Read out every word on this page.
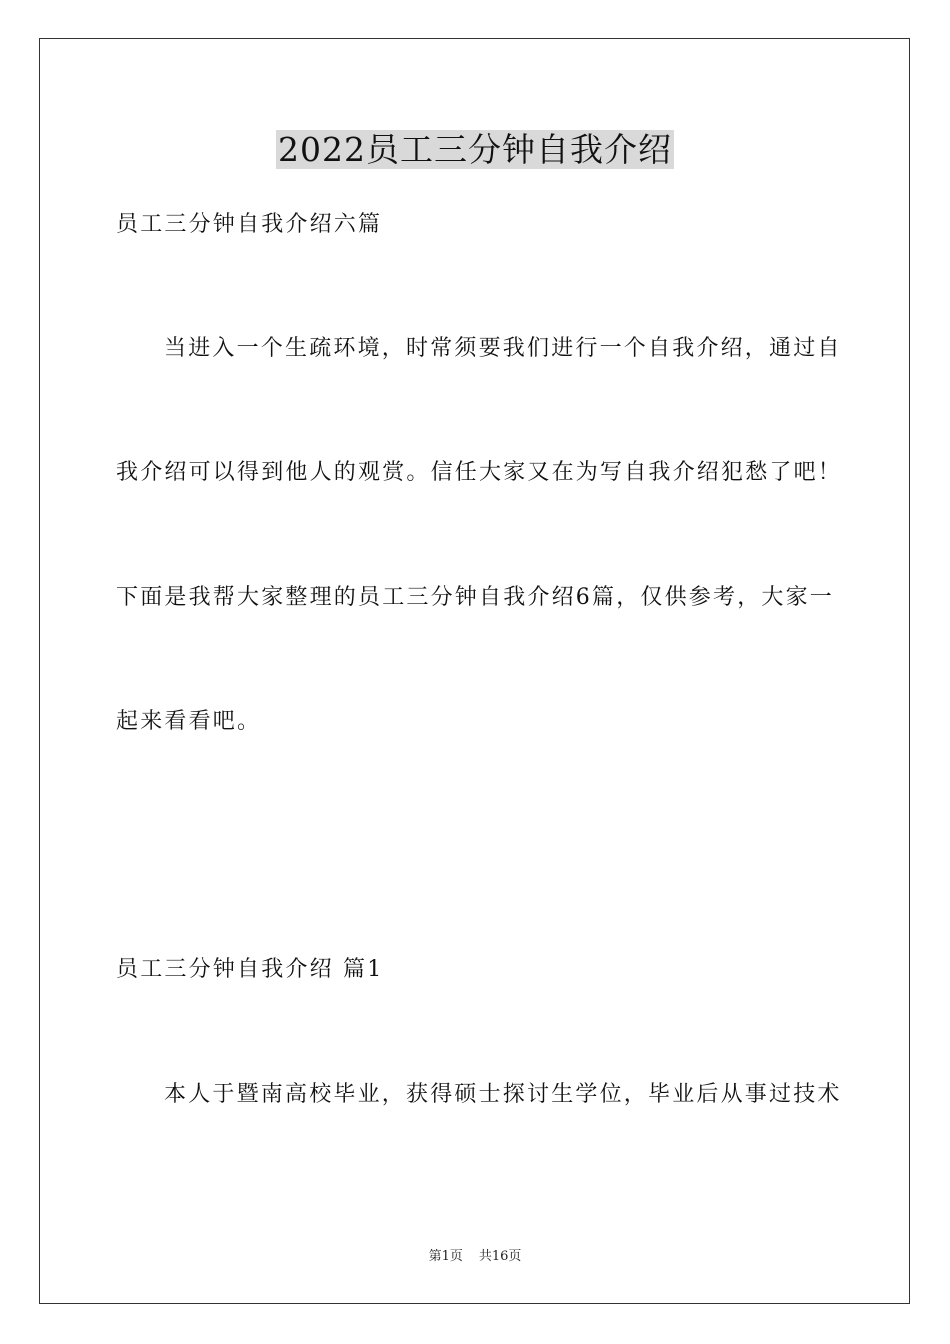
2022员工三分钟自我介绍
员工三分钟自我介绍六篇
当进入一个生疏环境，时常须要我们进行一个自我介绍，通过自
我介绍可以得到他人的观赏。信任大家又在为写自我介绍犯愁了吧！
下面是我帮大家整理的员工三分钟自我介绍6篇，仅供参考，大家一
起来看看吧。
员工三分钟自我介绍 篇1
本人于暨南高校毕业，获得硕士探讨生学位，毕业后从事过技术
第1页 共16页
